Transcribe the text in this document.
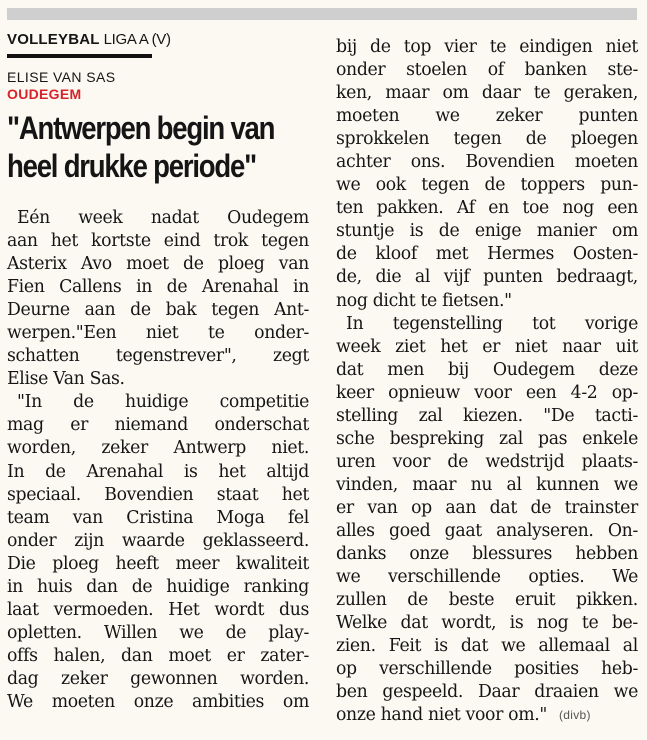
VOLLEYBAL LIGA A (V)
ELISE VAN SAS
OUDEGEM
"Antwerpen begin van
heel drukke periode"
Eén week nadat Oudegem
aan het kortste eind trok tegen
Asterix Avo moet de ploeg van
Fien Callens in de Arenahal in
Deurne aan de bak tegen Ant-
werpen."Een niet te onder-
schatten tegenstrever", zegt
Elise Van Sas.
"In de huidige competitie
mag er niemand onderschat
worden, zeker Antwerp niet.
In de Arenahal is het altijd
speciaal. Bovendien staat het
team van Cristina Moga fel
onder zijn waarde geklasseerd.
Die ploeg heeft meer kwaliteit
in huis dan de huidige ranking
laat vermoeden. Het wordt dus
opletten. Willen we de play-
offs halen, dan moet er zater-
dag zeker gewonnen worden.
We moeten onze ambities om
bij de top vier te eindigen niet
onder stoelen of banken ste-
ken, maar om daar te geraken,
moeten we zeker punten
sprokkelen tegen de ploegen
achter ons. Bovendien moeten
we ook tegen de toppers pun-
ten pakken. Af en toe nog een
stuntje is de enige manier om
de kloof met Hermes Oosten-
de, die al vijf punten bedraagt,
nog dicht te fietsen."
In tegenstelling tot vorige
week ziet het er niet naar uit
dat men bij Oudegem deze
keer opnieuw voor een 4-2 op-
stelling zal kiezen. "De tacti-
sche bespreking zal pas enkele
uren voor de wedstrijd plaats-
vinden, maar nu al kunnen we
er van op aan dat de trainster
alles goed gaat analyseren. On-
danks onze blessures hebben
we verschillende opties. We
zullen de beste eruit pikken.
Welke dat wordt, is nog te be-
zien. Feit is dat we allemaal al
op verschillende posities heb-
ben gespeeld. Daar draaien we
onze hand niet voor om." (divb)
